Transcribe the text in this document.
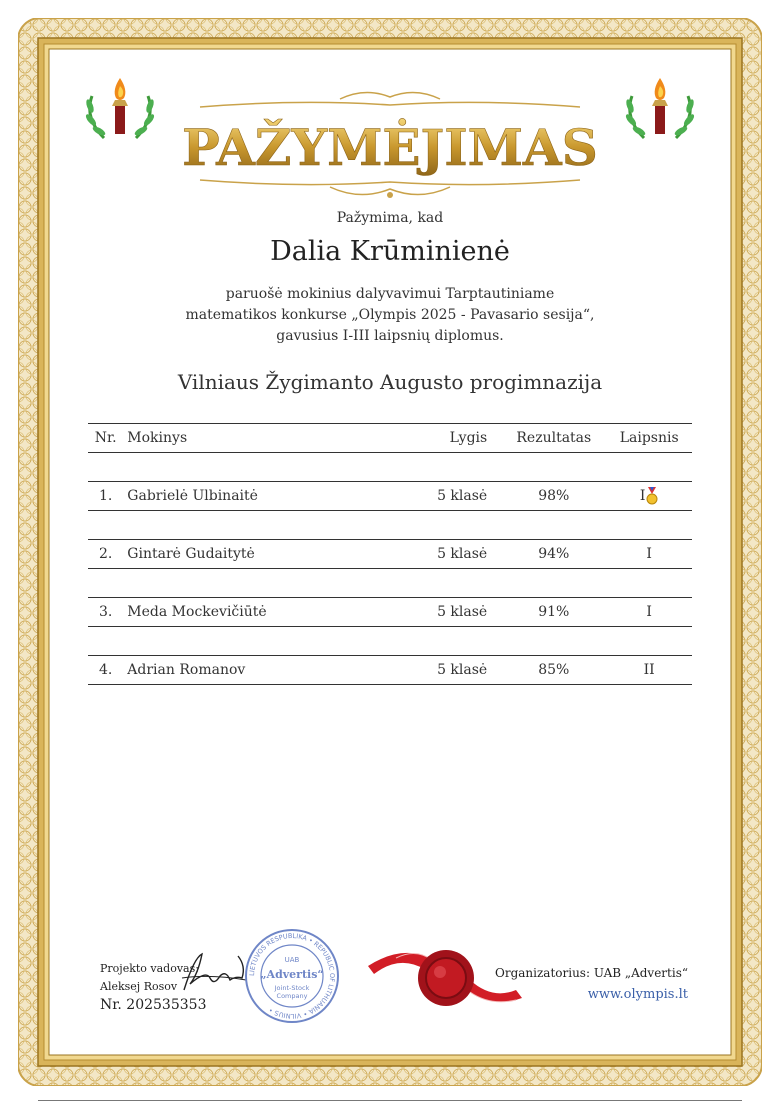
PAŽYMĖJIMAS
Pažymima, kad
Dalia Krūminienė
paruošė mokinius dalyvavimui Tarptautiniame
matematikos konkurse „Olympis 2025 - Pavasario sesija“,
gavusius I-III laipsnių diplomus.
Vilniaus Žygimanto Augusto progimnazija
Nr.	Mokinys	Lygis	Rezultatas	Laipsnis

1.	Gabrielė Ulbinaitė	5 klasė	98%	I

2.	Gintarė Gudaitytė	5 klasė	94%	I

3.	Meda Mockevičiūtė	5 klasė	91%	I

4.	Adrian Romanov	5 klasė	85%	II
Projekto vadovas:
Aleksej Rosov
Nr. 202535353
LIETUVOS RESPUBLIKA • REPUBLIC OF LITHUANIA • VILNIUS •
UAB
„Advertis“
Joint-Stock
Company
Organizatorius: UAB „Advertis“
www.olympis.lt
